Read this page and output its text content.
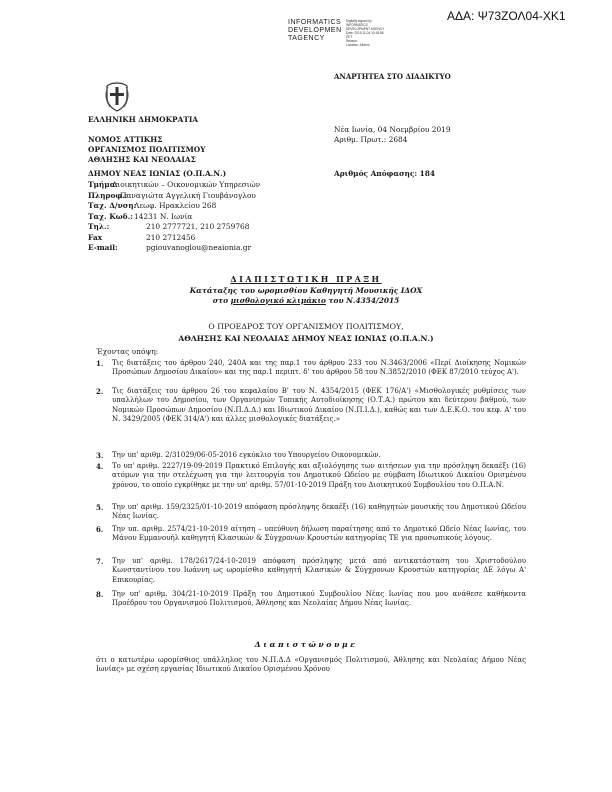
ΑΔΑ: Ψ73ΖΟΛ04-ΧΚ1
INFORMATICS
DEVELOPMEN
TAGENCY
Digitally signed by
INFORMATICS
DEVELOPMENT AGENCY
Date: 2019.11.04 10:18:56
EET
Reason:
Location: Athens
ΑΝΑΡΤΗΤΕΑ ΣΤΟ ΔΙΑΔΙΚΤΥΟ
ΕΛΛΗΝΙΚΗ ΔΗΜΟΚΡΑΤΙΑ
ΝΟΜΟΣ ΑΤΤΙΚΗΣ
ΟΡΓΑΝΙΣΜΟΣ ΠΟΛΙΤΙΣΜΟΥ
ΑΘΛΗΣΗΣ ΚΑΙ ΝΕΟΛΑΙΑΣ
ΔΗΜΟΥ ΝΕΑΣ ΙΩΝΙΑΣ (Ο.Π.Α.Ν.)
Νέα Ιωνία, 04 Νοεμβρίου 2019
Αριθμ. Πρωτ.: 2684
Αριθμός Απόφασης: 184
Τμήμα:
Διοικητικών – Οικονομικών Υπηρεσιών
Πληροφ.:
Παναγιώτα Αγγελική Γιουβάνογλου
Ταχ. Δ/νση:
Λεωφ. Ηρακλείου 268
Ταχ. Κωδ.: 14231 Ν. Ιωνία
Τηλ.:	210 2777721, 210 2759768
Fax	210 2712456
E-mail:	pgiouvanoglou@neaionia.gr
ΔΙΑΠΙΣΤΩΤΙΚΗ ΠΡΑΞΗ
Κατάταξης του ωρομισθίου Καθηγητή Μουσικής ΙΔΟΧ
στο μισθολογικό κλιμάκιο του Ν.4354/2015
Ο ΠΡΟΕΔΡΟΣ ΤΟΥ ΟΡΓΑΝΙΣΜΟΥ ΠΟΛΙΤΙΣΜΟΥ,
ΑΘΛΗΣΗΣ ΚΑΙ ΝΕΟΛΑΙΑΣ ΔΗΜΟΥ ΝΕΑΣ ΙΩΝΙΑΣ (Ο.Π.Α.Ν.)
Έχοντας υπόψη:
1. Τις διατάξεις του άρθρου 240, 240Α και της παρ.1 του άρθρου 233 του Ν.3463/2006 «Περί Διοίκησης Νομικών Προσώπων Δημοσίου Δικαίου» και της παρ.1 περιπτ. δ' του άρθρου 58 του Ν.3852/2010 (ΦΕΚ 87/2010 τεύχος Α').
2. Τις διατάξεις του άρθρου 26 του κεφαλαίου Β' του Ν. 4354/2015 (ΦΕΚ 176/Α') «Μισθολογικές ρυθμίσεις των υπαλλήλων του Δημοσίου, των Οργανισμών Τοπικής Αυτοδιοίκησης (Ο.Τ.Α.) πρώτου και δεύτερου βαθμού, των Νομικών Προσώπων Δημοσίου (Ν.Π.Δ.Δ.) και Ιδιωτικού Δικαίου (Ν.Π.Ι.Δ.), καθώς και των Δ.Ε.Κ.Ο. του κεφ. Α' του Ν. 3429/2005 (ΦΕΚ 314/Α') και άλλες μισθολογικές διατάξεις.»
3. Την υπ' αριθμ. 2/31029/06-05-2016 εγκύκλιο του Υπουργείου Οικονομικών.
4. Το υπ' αριθμ. 2227/19-09-2019 Πρακτικό Επιλογής και αξιολόγησης των αιτήσεων για την πρόσληψη δεκαέξι (16) ατόμων για την στελέχωση για την λειτουργία του Δημοτικού Ωδείου με σύμβαση Ιδιωτικού Δικαίου Ορισμένου χρόνου, το οποίο εγκρίθηκε με την υπ' αριθμ. 57/01-10-2019 Πράξη του Διοικητικού Συμβουλίου του Ο.Π.Α.Ν.
5. Την υπ' αριθμ. 159/2325/01-10-2019 απόφαση πρόσληψης δεκαέξι (16) καθηγητών μουσικής του Δημοτικού Ωδείου Νέας Ιωνίας.
6. Την υπ. αριθμ. 2574/21-10-2019 αίτηση – υπεύθυνη δήλωση παραίτησης από το Δημοτικό Ωδείο Νέας Ιωνίας, του Μάνου Εμμανουήλ καθηγητή Κλασικών & Σύγχρονων Κρουστών κατηγορίας ΤΕ για προσωπικούς λόγους.
7. Την υπ' αριθμ. 178/2617/24-10-2019 απόφαση πρόσληψης μετά από αντικατάσταση του Χριστοδούλου Κωνσταντίνου του Ιωάννη ως ωρομίσθιο καθηγητή Κλασικών & Σύγχρονων Κρουστών κατηγορίας ΔΕ λόγω Α' Επικουρίας.
8. Την υπ' αριθμ. 304/21-10-2019 Πράξη του Δημοτικού Συμβουλίου Νέας Ιωνίας που μου ανάθεσε καθήκοντα Προέδρου του Οργανισμού Πολιτισμού, Άθλησης και Νεολαίας Δήμου Νέας Ιωνίας.
Διαπιστώνουμε
ότι ο κατωτέρω ωρομίσθιος υπάλληλος του Ν.Π.Δ.Δ «Οργανισμός Πολιτισμού, Άθλησης και Νεολαίας Δήμου Νέας Ιωνίας» με σχέση εργασίας Ιδιωτικού Δικαίου Ορισμένου Χρόνου
